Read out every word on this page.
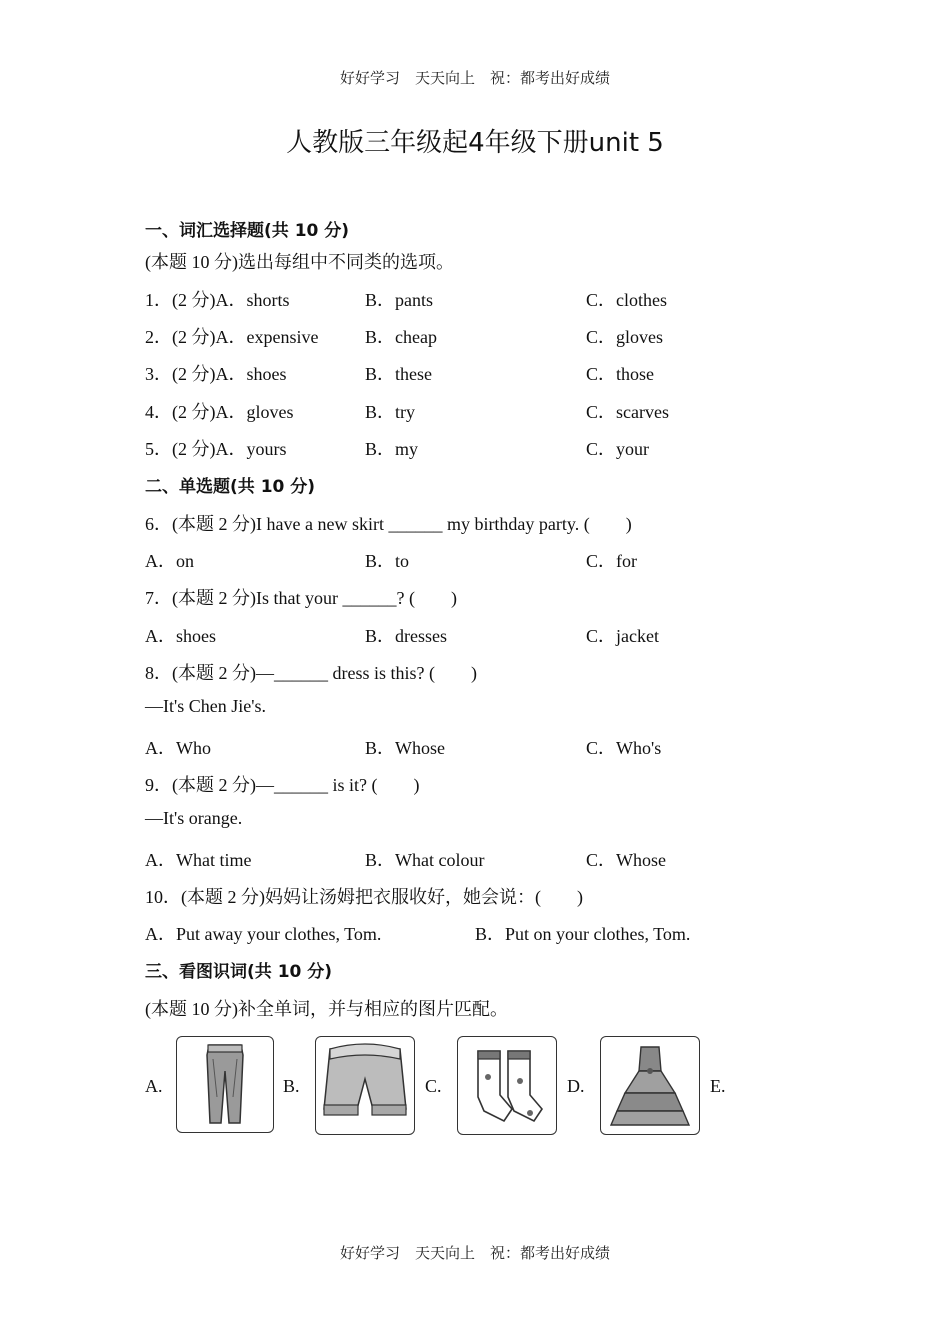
好好学习　天天向上　祝：都考出好成绩
人教版三年级起4年级下册unit 5
一、词汇选择题(共 10 分)
(本题 10 分)选出每组中不同类的选项。
1．(2 分)A．shorts	B．pants	C．clothes
2．(2 分)A．expensive	B．cheap	C．gloves
3．(2 分)A．shoes	B．these	C．those
4．(2 分)A．gloves	B．try	C．scarves
5．(2 分)A．yours	B．my	C．your
二、单选题(共 10 分)
6．(本题 2 分)I have a new skirt ______ my birthday party. (　　)
A．on	B．to	C．for
7．(本题 2 分)Is that your ______? (　　)
A．shoes	B．dresses	C．jacket
8．(本题 2 分)—______ dress is this? (　　)
—It's Chen Jie's.
A．Who	B．Whose	C．Who's
9．(本题 2 分)—______ is it? (　　)
—It's orange.
A．What time	B．What colour	C．Whose
10．(本题 2 分)妈妈让汤姆把衣服收好，她会说：(　　)
A．Put away your clothes, Tom.	B．Put on your clothes, Tom.
三、看图识词(共 10 分)
(本题 10 分)补全单词，并与相应的图片匹配。
A.	B.	C.	D.	E.
好好学习　天天向上　祝：都考出好成绩
